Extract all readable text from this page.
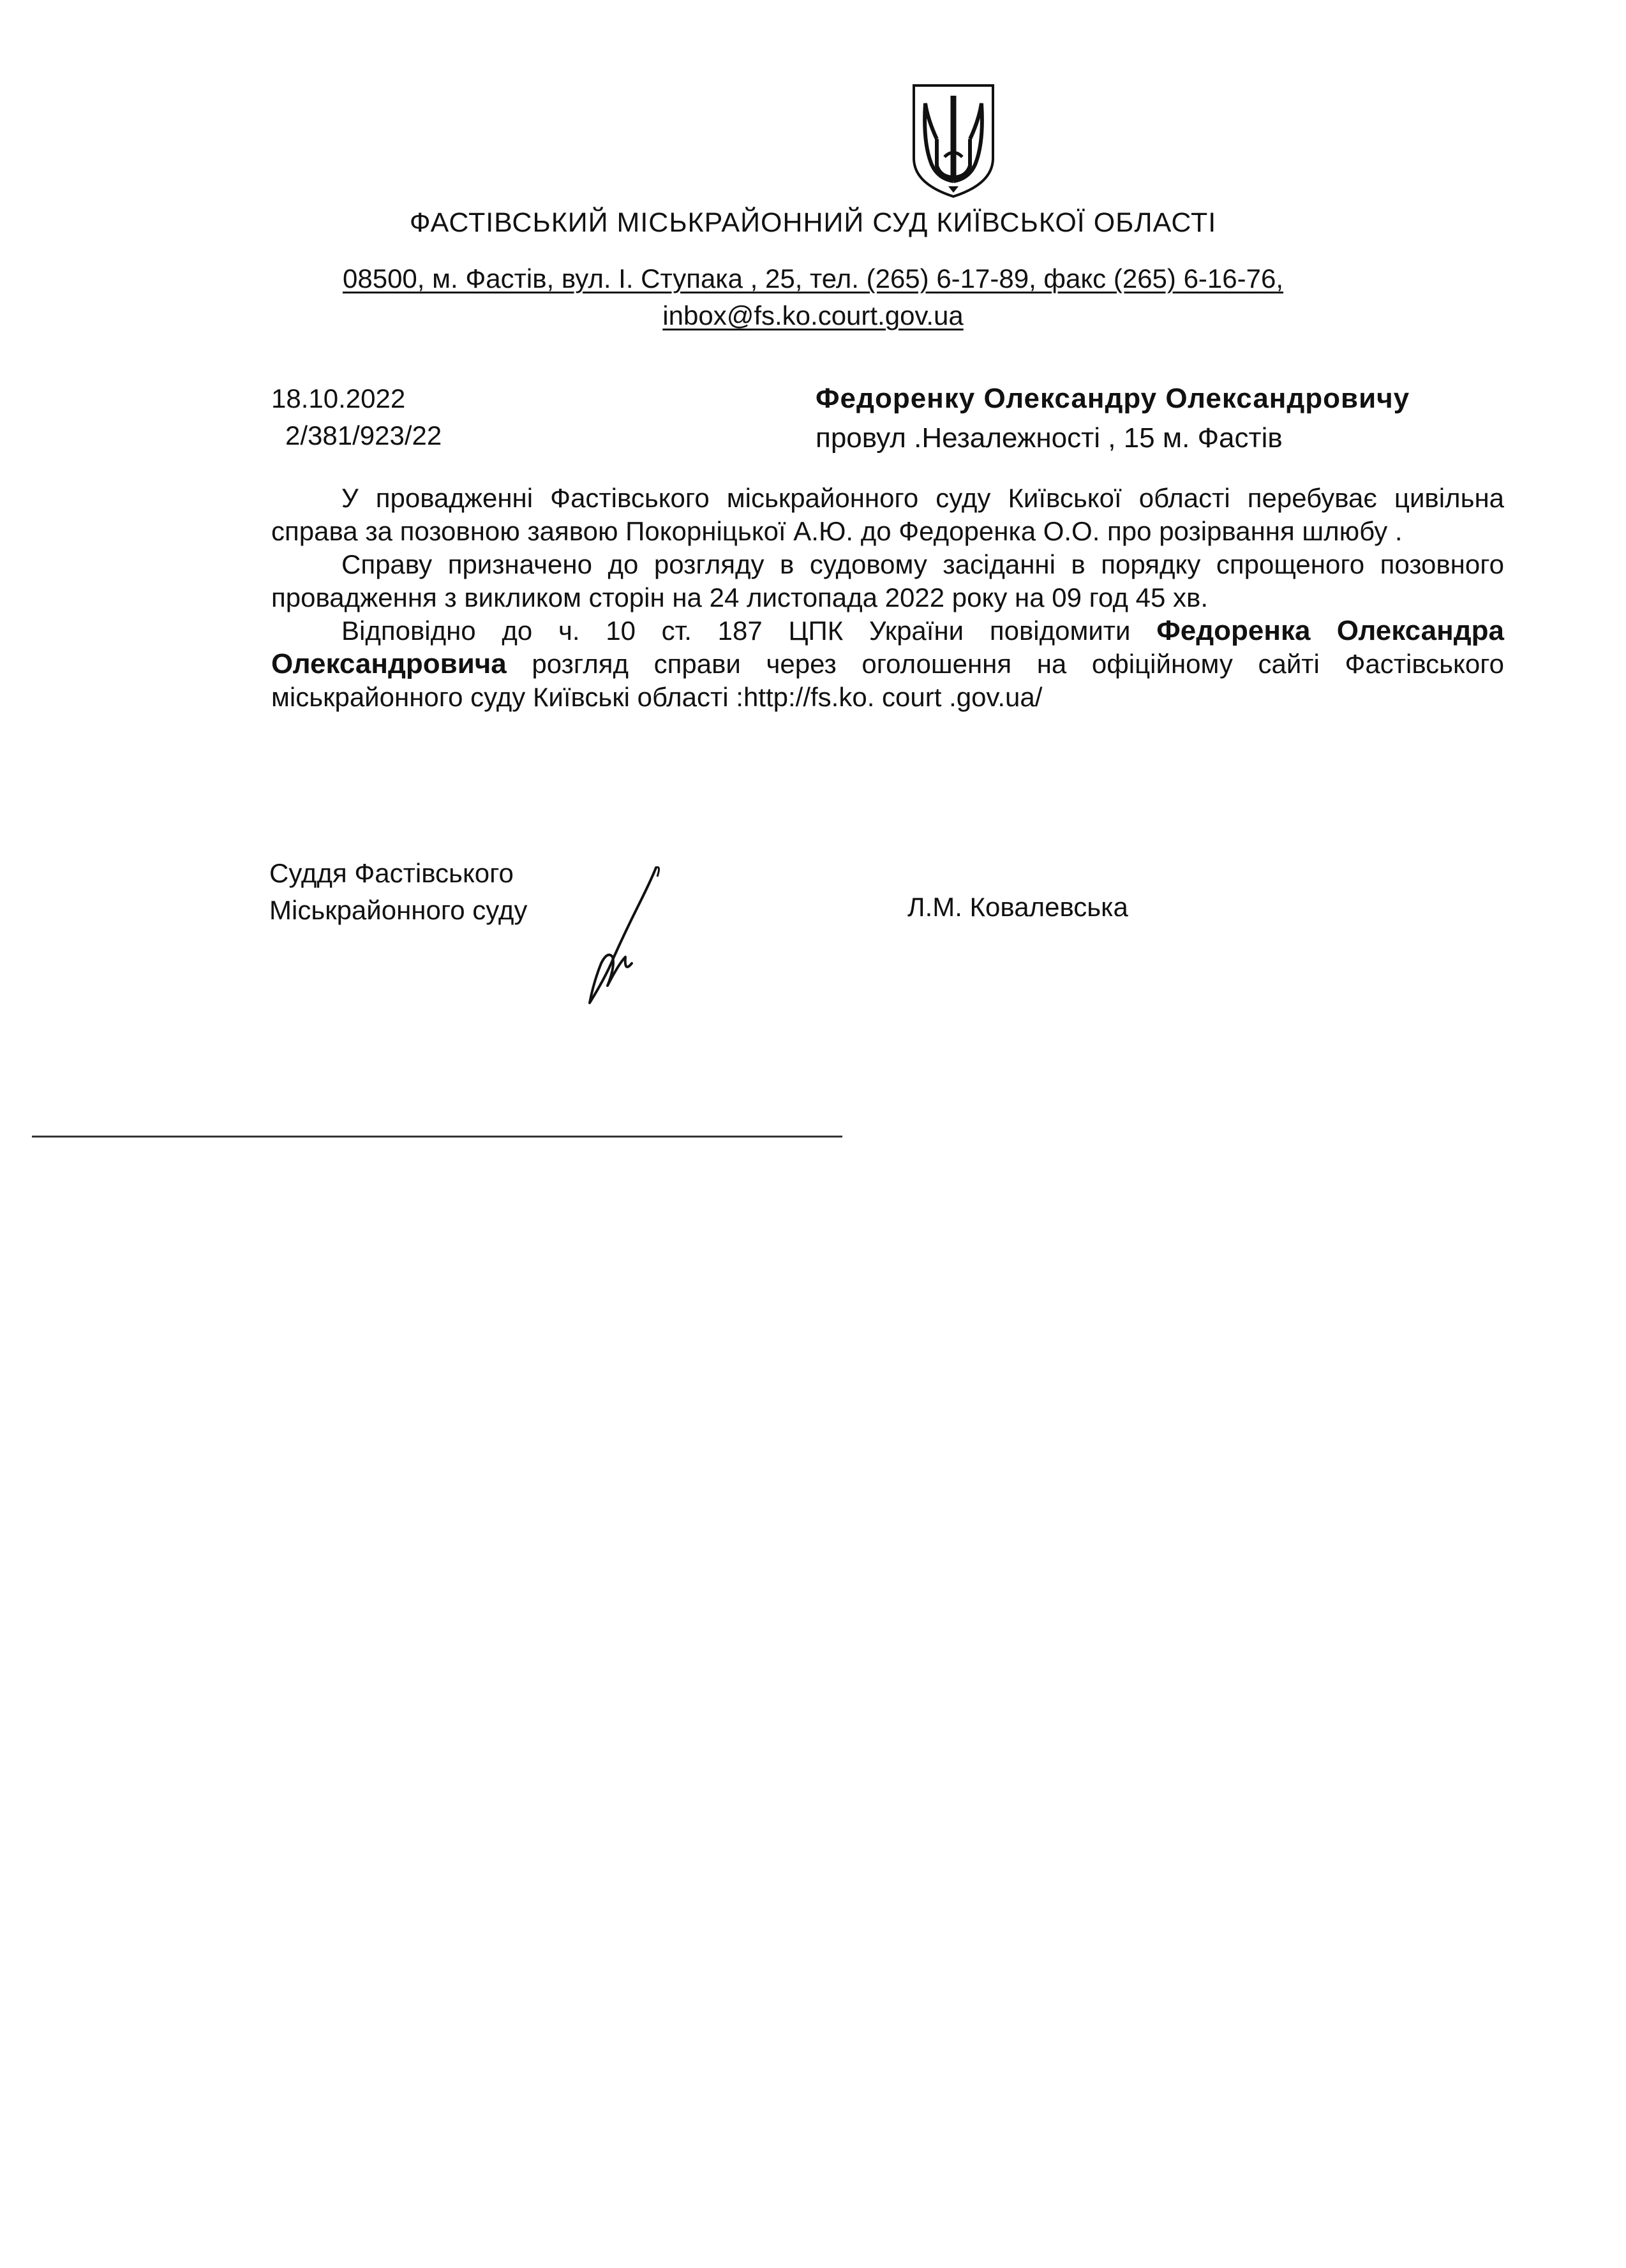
ФАСТІВСЬКИЙ МІСЬКРАЙОННИЙ СУД КИЇВСЬКОЇ ОБЛАСТІ
08500, м. Фастів, вул. І. Ступака , 25, тел. (265) 6-17-89, факс (265) 6-16-76,
inbox@fs.ko.court.gov.ua
18.10.2022
2/381/923/22
Федоренку Олександру Олександровичу
провул .Незалежності , 15 м. Фастів

У провадженні Фастівського міськрайонного суду Київської області перебуває цивільна справа за позовною заявою Покорніцької А.Ю. до Федоренка О.О. про розірвання шлюбу .

Справу призначено до розгляду в судовому засіданні в порядку спрощеного позовного провадження з викликом сторін на 24 листопада 2022 року на 09 год 45 хв.

Відповідно до ч. 10 ст. 187 ЦПК України повідомити Федоренка Олександра Олександровича розгляд справи через оголошення на офіційному сайті Фастівського міськрайонного суду Київські області :http://fs.ko. court .gov.ua/

Суддя Фастівського
Міськрайонного суду	Л.М. Ковалевська
